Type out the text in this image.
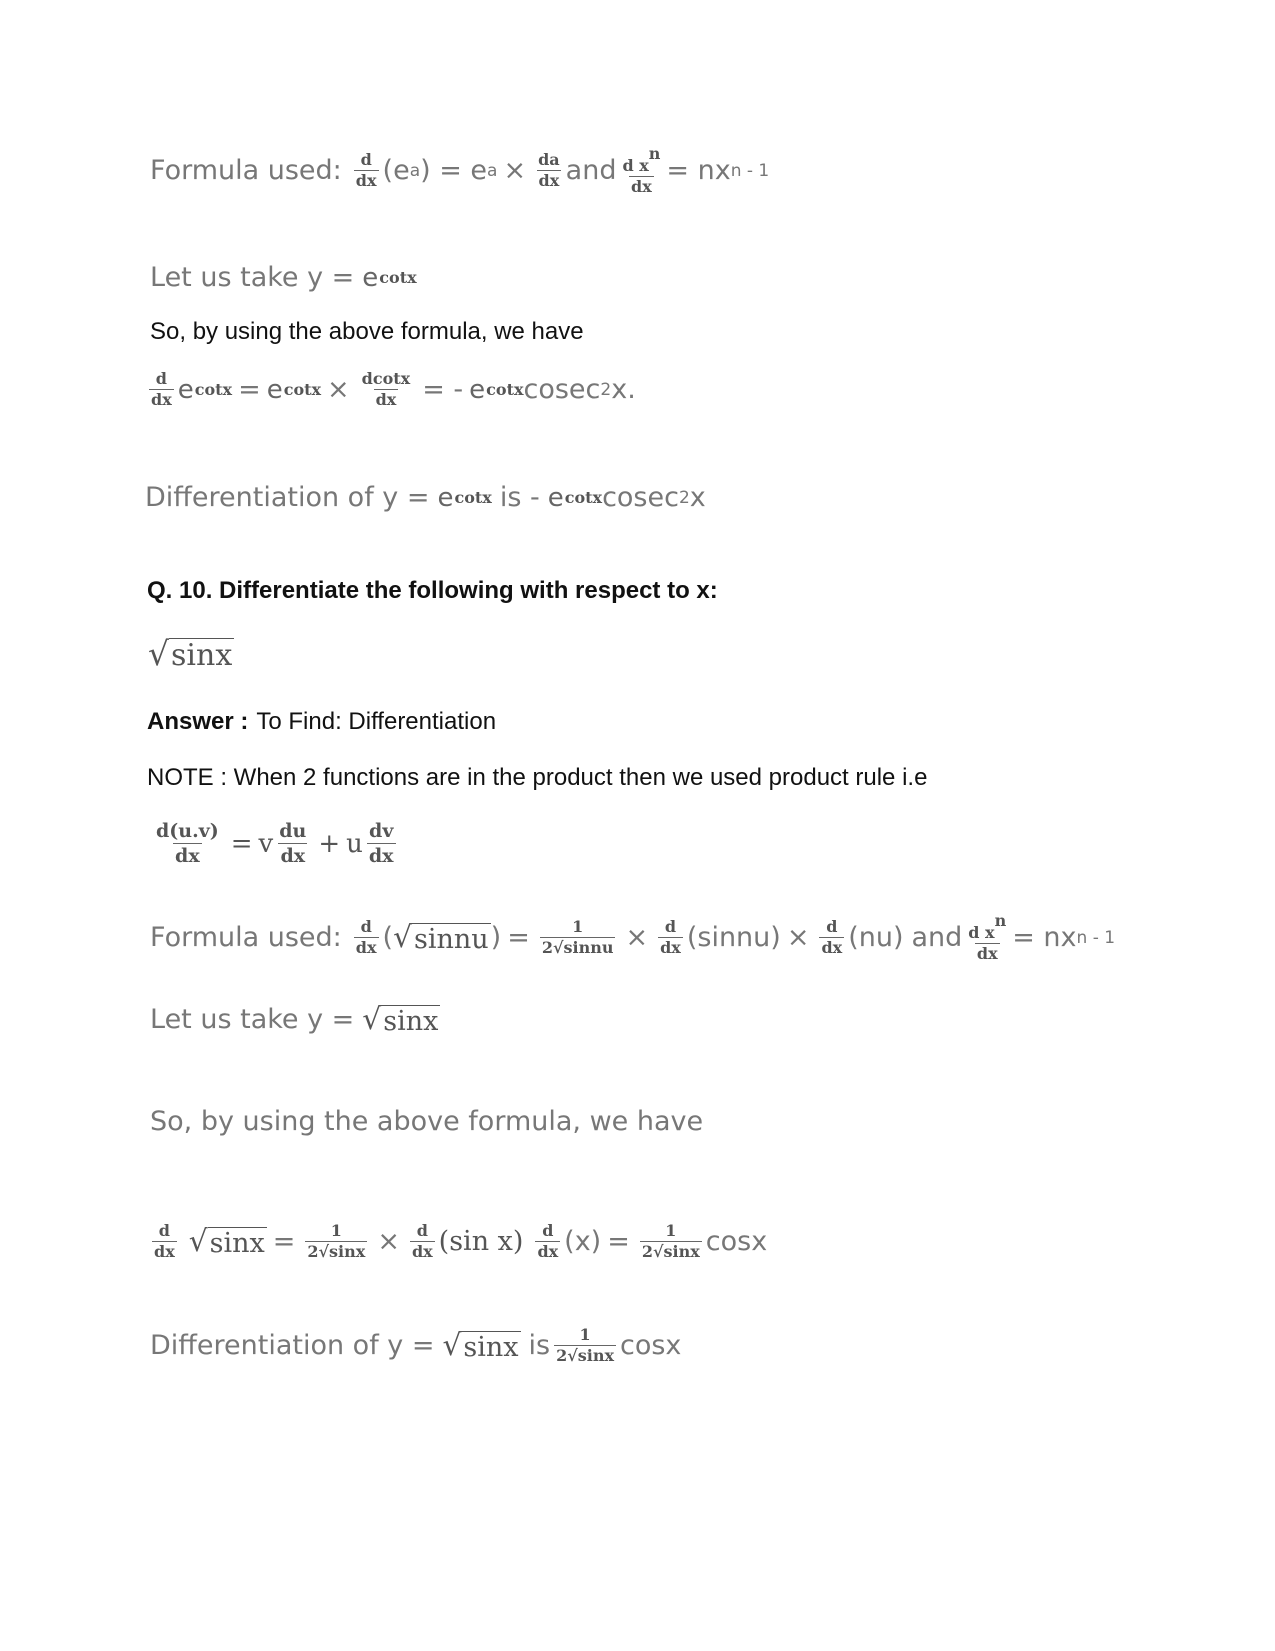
Formula used: $\frac{d}{dx} (e$ a ) = e $a \times \frac{da}{dx}$ and $\frac{\text{d xn}}{dx}$ = nx n - 1
Let us take y = e cotx
So, by using the above formula, we have
$\frac{d}{dx}$ e cotx = e $\cot x \times \frac{dcotx}{dx}$ = - e cotx cosec 2 x.
Differentiation of y = e cotx is - e cotx cosec 2 x
Q. 10. Differentiate the following with respect to x:
√ sinx
Answer : To Find: Differentiation
NOTE : When 2 functions are in the product then we used product rule i.e
$\frac{d(u.v)}{dx} = v \frac{du}{dx} + u \frac{dv}{dx}$
Formula used: $\frac{d}{dx}$ ( √ sinnu ) = $\frac{1}{\text{2√sinnu}} \times \frac{d}{dx}$ (sinnu) × $\frac{d}{dx} (nu)$ and $\frac{\text{d xn}}{dx}$ = nx n - 1
Let us take y = √ sinx
So, by using the above formula, we have
$\frac{d}{dx}$ √ $\sin x = \frac{1}{2√\sin x} \times \frac{d}{dx} (\sin$ $x) \frac{d}{dx} (x) = \frac{1}{2√\sin x}$ cosx
Differentiation of y = √ sinx is $\frac{1}{2√\sin x}$ cosx
